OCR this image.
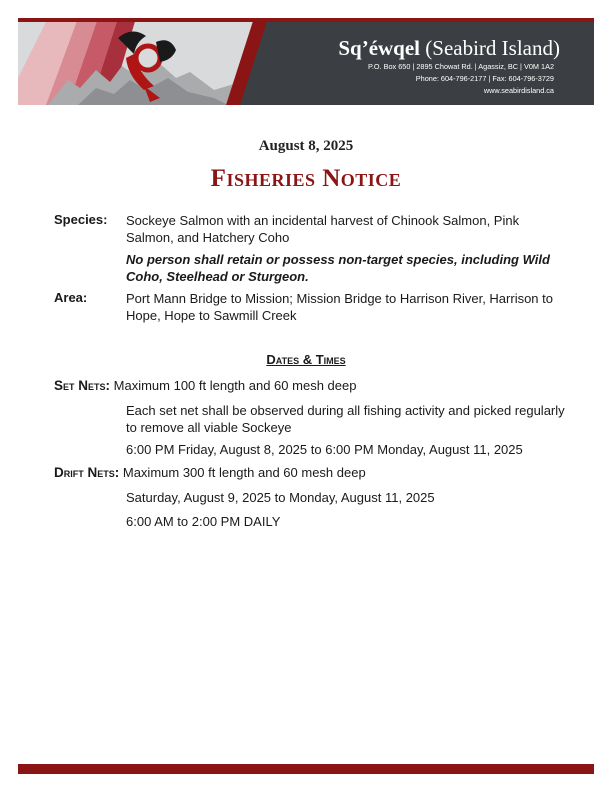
Sq’éwqel (Seabird Island)
P.O. Box 650 | 2895 Chowat Rd. | Agassiz, BC | V0M 1A2
Phone: 604-796-2177 | Fax: 604-796-3729
www.seabirdisland.ca
August 8, 2025
Fisheries Notice
Species: Sockeye Salmon with an incidental harvest of Chinook Salmon, Pink Salmon, and Hatchery Coho
No person shall retain or possess non-target species, including Wild Coho, Steelhead or Sturgeon.
Area:	Port Mann Bridge to Mission; Mission Bridge to Harrison River, Harrison to Hope, Hope to Sawmill Creek
Dates & Times
Set Nets: Maximum 100 ft length and 60 mesh deep
Each set net shall be observed during all fishing activity and picked regularly to remove all viable Sockeye
6:00 PM Friday, August 8, 2025 to 6:00 PM Monday, August 11, 2025
Drift Nets: Maximum 300 ft length and 60 mesh deep
Saturday, August 9, 2025 to Monday, August 11, 2025
6:00 AM to 2:00 PM DAILY
